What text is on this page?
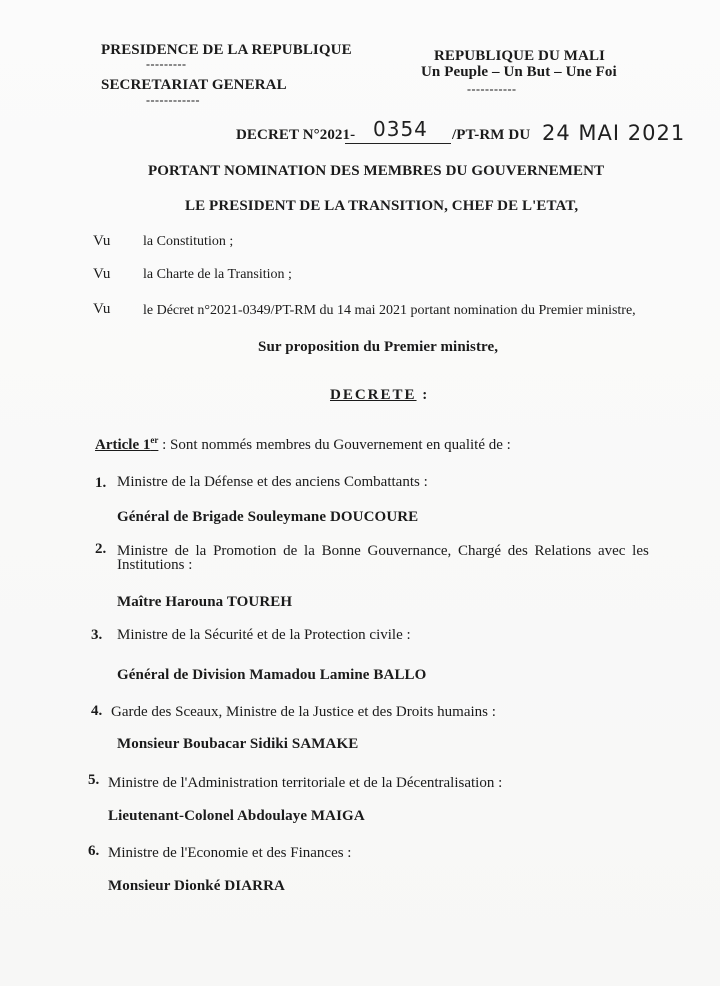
PRESIDENCE DE LA REPUBLIQUE
---------
SECRETARIAT GENERAL
------------
REPUBLIQUE DU MALI
Un Peuple – Un But – Une Foi
-----------
DECRET N°2021- 0354 /PT-RM DU 24 MAI 2021
PORTANT NOMINATION DES MEMBRES DU GOUVERNEMENT
LE PRESIDENT DE LA TRANSITION, CHEF DE L'ETAT,
Vu la Constitution ;
Vu la Charte de la Transition ;
Vu le Décret n°2021-0349/PT-RM du 14 mai 2021 portant nomination du Premier ministre,
Sur proposition du Premier ministre,
DECRETE :
Article 1er : Sont nommés membres du Gouvernement en qualité de :
1. Ministre de la Défense et des anciens Combattants :
Général de Brigade Souleymane DOUCOURE
2. Ministre de la Promotion de la Bonne Gouvernance, Chargé des Relations avec les
Institutions :
Maître Harouna TOUREH
3. Ministre de la Sécurité et de la Protection civile :
Général de Division Mamadou Lamine BALLO
4. Garde des Sceaux, Ministre de la Justice et des Droits humains :
Monsieur Boubacar Sidiki SAMAKE
5. Ministre de l'Administration territoriale et de la Décentralisation :
Lieutenant-Colonel Abdoulaye MAIGA
6. Ministre de l'Economie et des Finances :
Monsieur Dionké DIARRA
